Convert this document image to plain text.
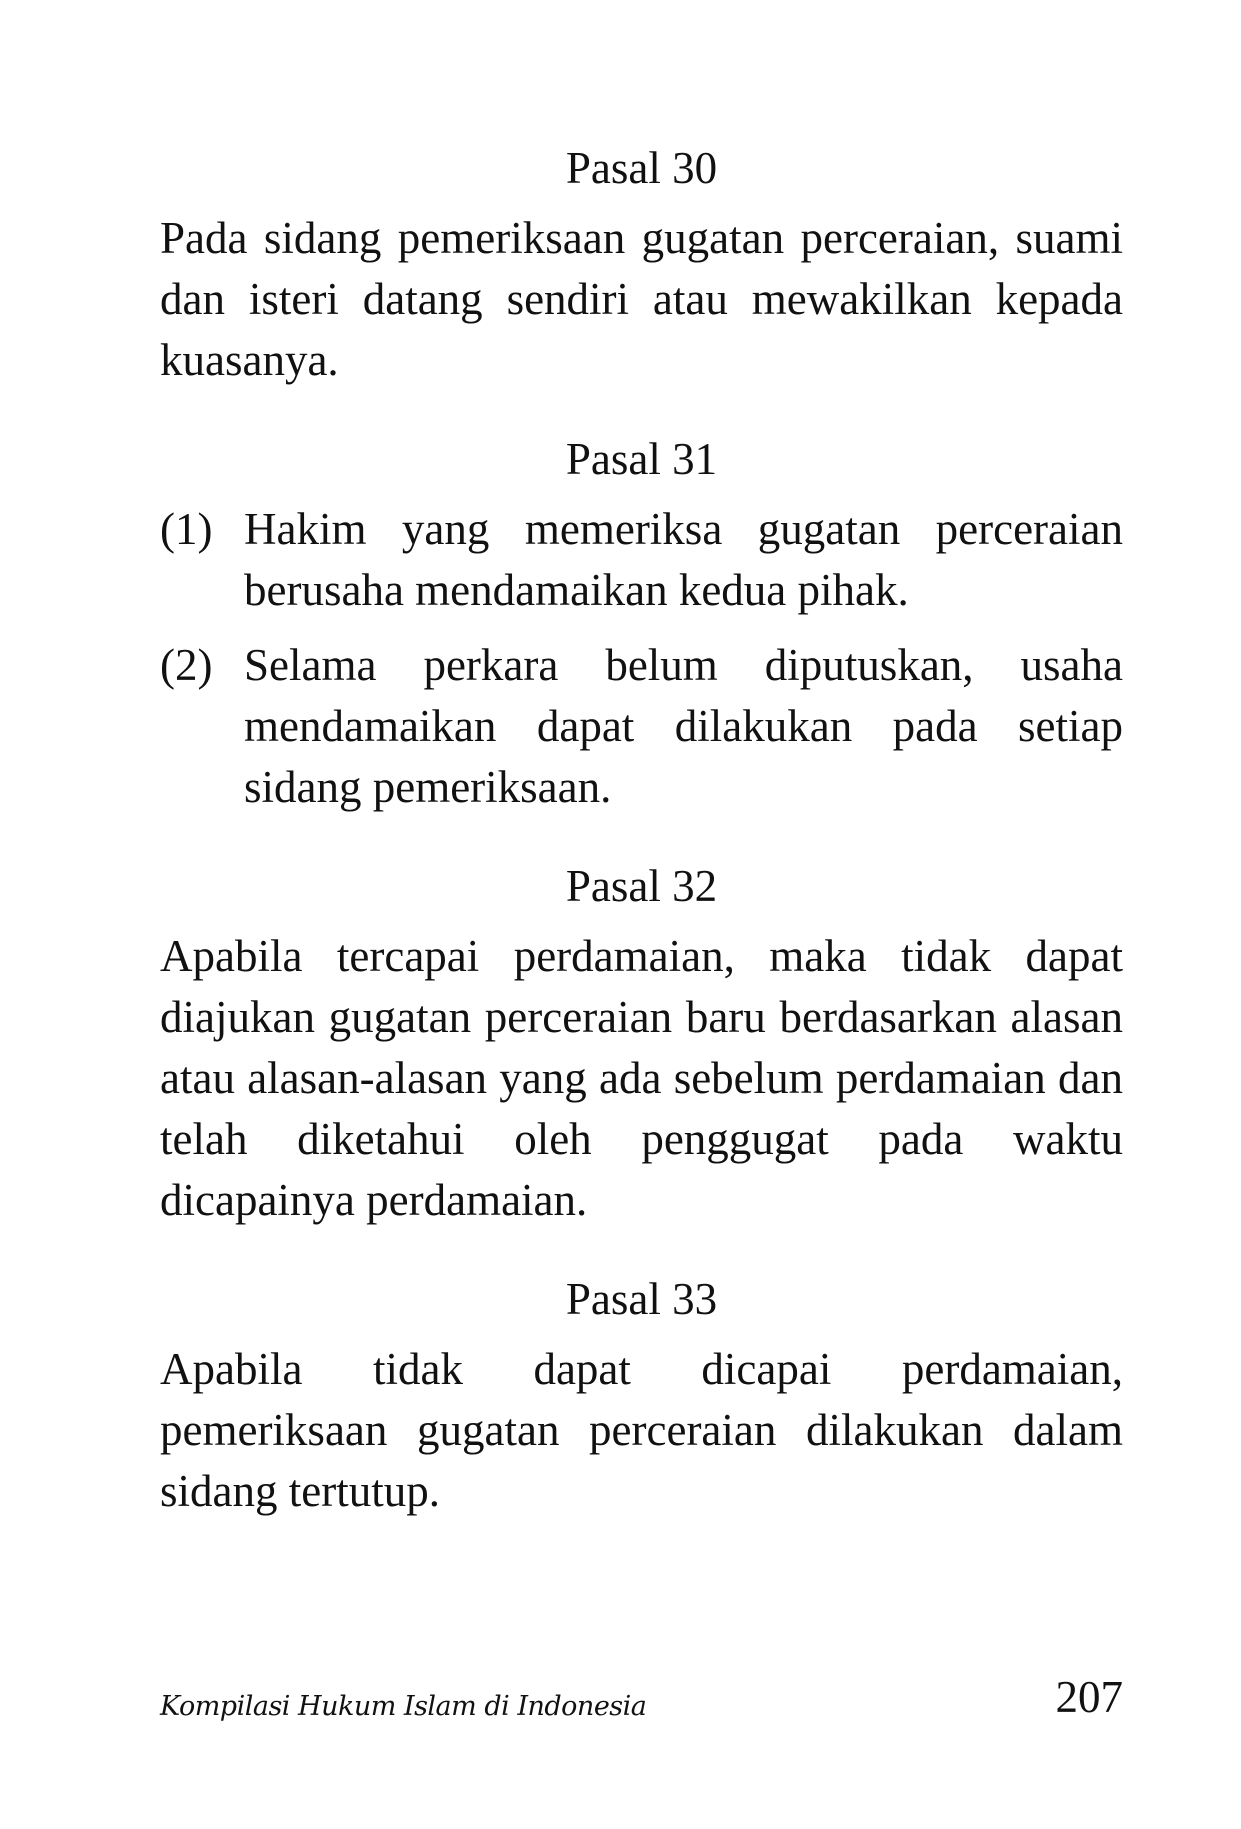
Pasal 30
Pada sidang pemeriksaan gugatan perceraian, suami dan isteri datang sendiri atau mewakilkan kepada kuasanya.
Pasal 31
(1) Hakim yang memeriksa gugatan perceraian berusaha mendamaikan kedua pihak.
(2) Selama perkara belum diputuskan, usaha mendamaikan dapat dilakukan pada setiap sidang pemeriksaan.
Pasal 32
Apabila tercapai perdamaian, maka tidak dapat diajukan gugatan perceraian baru berdasarkan alasan atau alasan-alasan yang ada sebelum perdamaian dan telah diketahui oleh penggugat pada waktu dicapainya perdamaian.
Pasal 33
Apabila tidak dapat dicapai perdamaian, pemeriksaan gugatan perceraian dilakukan dalam sidang tertutup.
Kompilasi Hukum Islam di Indonesia	207
